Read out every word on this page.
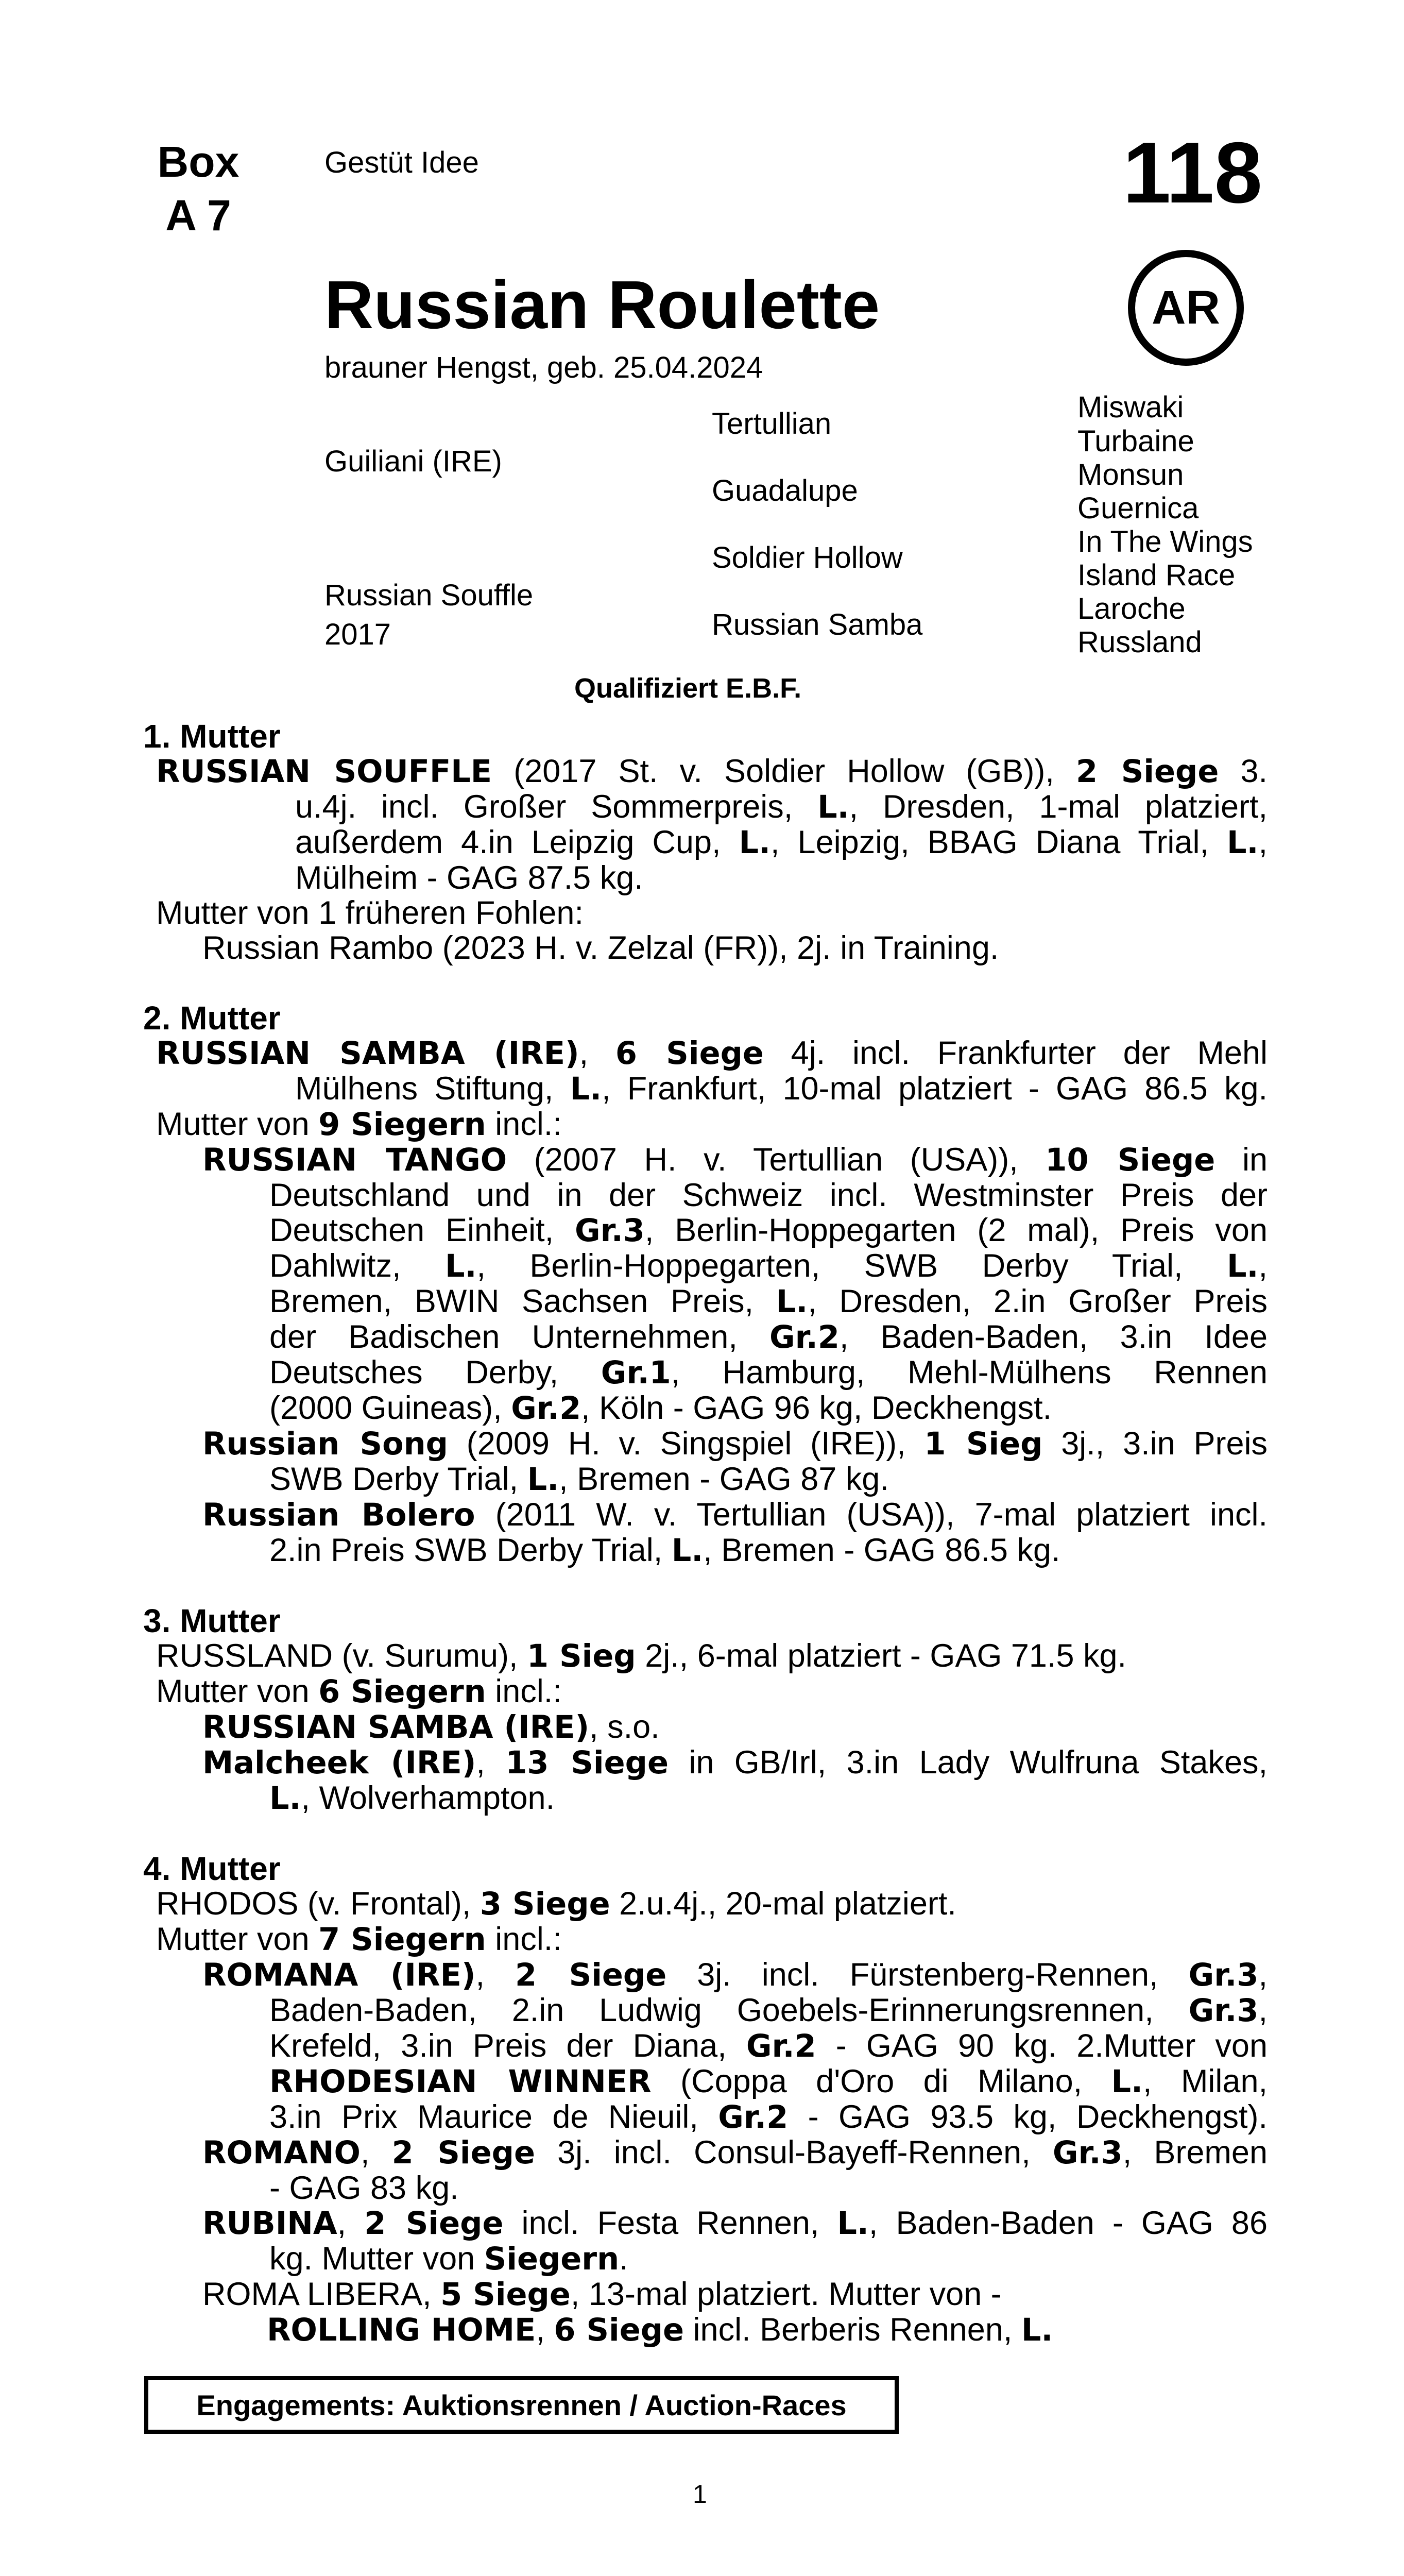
Box
A 7
Gestüt Idee	118
Russian Roulette
brauner Hengst, geb. 25.04.2024
AR
Guiliani (IRE)
Russian Souffle
2017
Tertullian
Guadalupe
Soldier Hollow
Russian Samba
Miswaki
Turbaine
Monsun
Guernica
In The Wings
Island Race
Laroche
Russland
Qualifiziert E.B.F.
1. Mutter
RUSSIAN SOUFFLE (2017 St. v. Soldier Hollow (GB)), 2 Siege 3.
u.4j. incl. Großer Sommerpreis, L., Dresden, 1-mal platziert,
außerdem 4.in Leipzig Cup, L., Leipzig, BBAG Diana Trial, L.,
Mülheim - GAG 87.5 kg.
Mutter von 1 früheren Fohlen:
Russian Rambo (2023 H. v. Zelzal (FR)), 2j. in Training.
2. Mutter
RUSSIAN SAMBA (IRE), 6 Siege 4j. incl. Frankfurter der Mehl
Mülhens Stiftung, L., Frankfurt, 10-mal platziert - GAG 86.5 kg.
Mutter von 9 Siegern incl.:
RUSSIAN TANGO (2007 H. v. Tertullian (USA)), 10 Siege in
Deutschland und in der Schweiz incl. Westminster Preis der
Deutschen Einheit, Gr.3, Berlin-Hoppegarten (2 mal), Preis von
Dahlwitz, L., Berlin-Hoppegarten, SWB Derby Trial, L.,
Bremen, BWIN Sachsen Preis, L., Dresden, 2.in Großer Preis
der Badischen Unternehmen, Gr.2, Baden-Baden, 3.in Idee
Deutsches Derby, Gr.1, Hamburg, Mehl-Mülhens Rennen
(2000 Guineas), Gr.2, Köln - GAG 96 kg, Deckhengst.
Russian Song (2009 H. v. Singspiel (IRE)), 1 Sieg 3j., 3.in Preis
SWB Derby Trial, L., Bremen - GAG 87 kg.
Russian Bolero (2011 W. v. Tertullian (USA)), 7-mal platziert incl.
2.in Preis SWB Derby Trial, L., Bremen - GAG 86.5 kg.
3. Mutter
RUSSLAND (v. Surumu), 1 Sieg 2j., 6-mal platziert - GAG 71.5 kg.
Mutter von 6 Siegern incl.:
RUSSIAN SAMBA (IRE), s.o.
Malcheek (IRE), 13 Siege in GB/Irl, 3.in Lady Wulfruna Stakes,
L., Wolverhampton.
4. Mutter
RHODOS (v. Frontal), 3 Siege 2.u.4j., 20-mal platziert.
Mutter von 7 Siegern incl.:
ROMANA (IRE), 2 Siege 3j. incl. Fürstenberg-Rennen, Gr.3,
Baden-Baden, 2.in Ludwig Goebels-Erinnerungsrennen, Gr.3,
Krefeld, 3.in Preis der Diana, Gr.2 - GAG 90 kg. 2.Mutter von
RHODESIAN WINNER (Coppa d'Oro di Milano, L., Milan,
3.in Prix Maurice de Nieuil, Gr.2 - GAG 93.5 kg, Deckhengst).
ROMANO, 2 Siege 3j. incl. Consul-Bayeff-Rennen, Gr.3, Bremen
- GAG 83 kg.
RUBINA, 2 Siege incl. Festa Rennen, L., Baden-Baden - GAG 86
kg. Mutter von Siegern.
ROMA LIBERA, 5 Siege, 13-mal platziert. Mutter von -
ROLLING HOME, 6 Siege incl. Berberis Rennen, L.
Engagements: Auktionsrennen / Auction-Races
1
